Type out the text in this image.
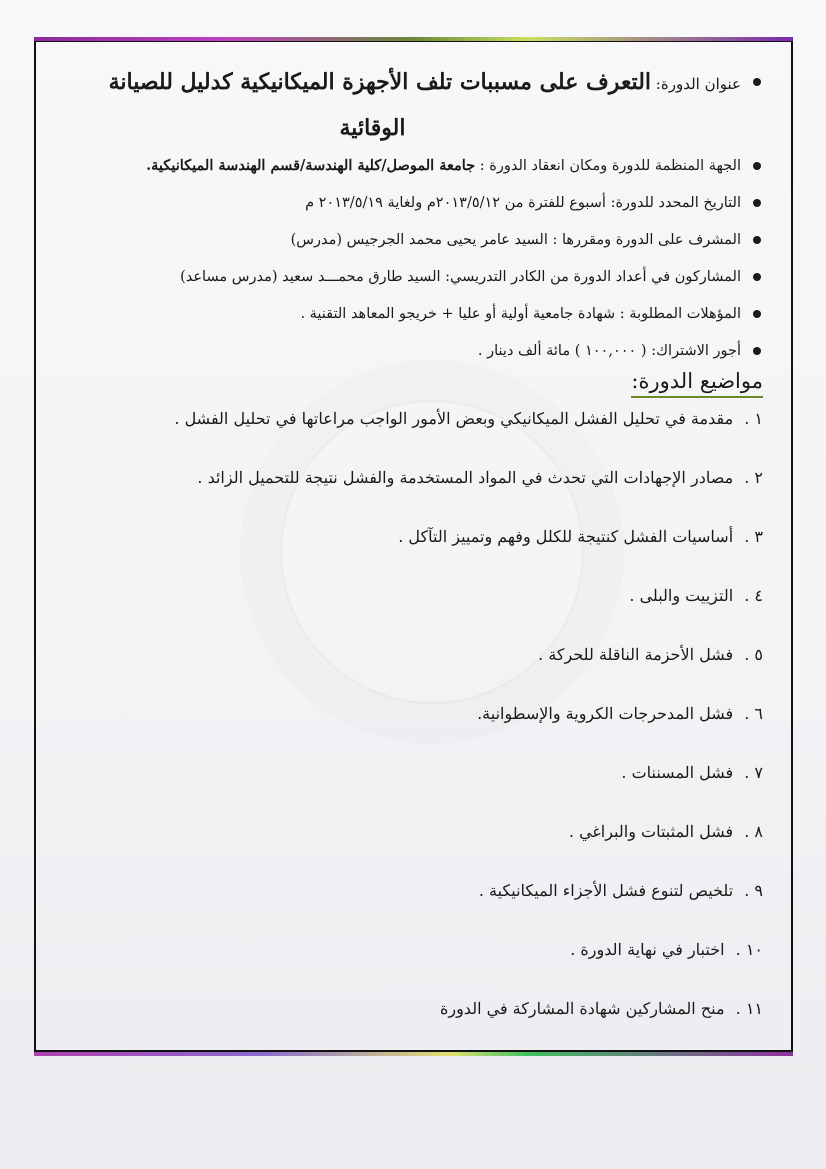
عنوان الدورة: التعرف على مسببات تلف الأجهزة الميكانيكية كدليل للصيانة
الوقائية
الجهة المنظمة للدورة ومكان انعقاد الدورة : جامعة الموصل/كلية الهندسة/قسم الهندسة الميكانيكية.
التاريخ المحدد للدورة: أسبوع للفترة من ٢٠١٣/٥/١٢م ولغاية ٢٠١٣/٥/١٩ م
المشرف على الدورة ومقررها : السيد عامر يحيى محمد الجرجيس (مدرس)
المشاركون في أعداد الدورة من الكادر التدريسي: السيد طارق محمـــد سعيد (مدرس مساعد)
المؤهلات المطلوبة : شهادة جامعية أولية أو عليا + خريجو المعاهد التقنية .
أجور الاشتراك: ( ١٠٠,٠٠٠ ) مائة ألف دينار .
مواضيع الدورة:
١ . مقدمة في تحليل الفشل الميكانيكي وبعض الأمور الواجب مراعاتها في تحليل الفشل .
٢ . مصادر الإجهادات التي تحدث في المواد المستخدمة والفشل نتيجة للتحميل الزائد .
٣ . أساسيات الفشل كنتيجة للكلل وفهم وتمييز التآكل .
٤ . التزييت والبلى .
٥ . فشل الأحزمة الناقلة للحركة .
٦ . فشل المدحرجات الكروية والإسطوانية.
٧ . فشل المسننات .
٨ . فشل المثبتات والبراغي .
٩ . تلخيص لتنوع فشل الأجزاء الميكانيكية .
١٠ . اختبار في نهاية الدورة .
١١ . منح المشاركين شهادة المشاركة في الدورة
